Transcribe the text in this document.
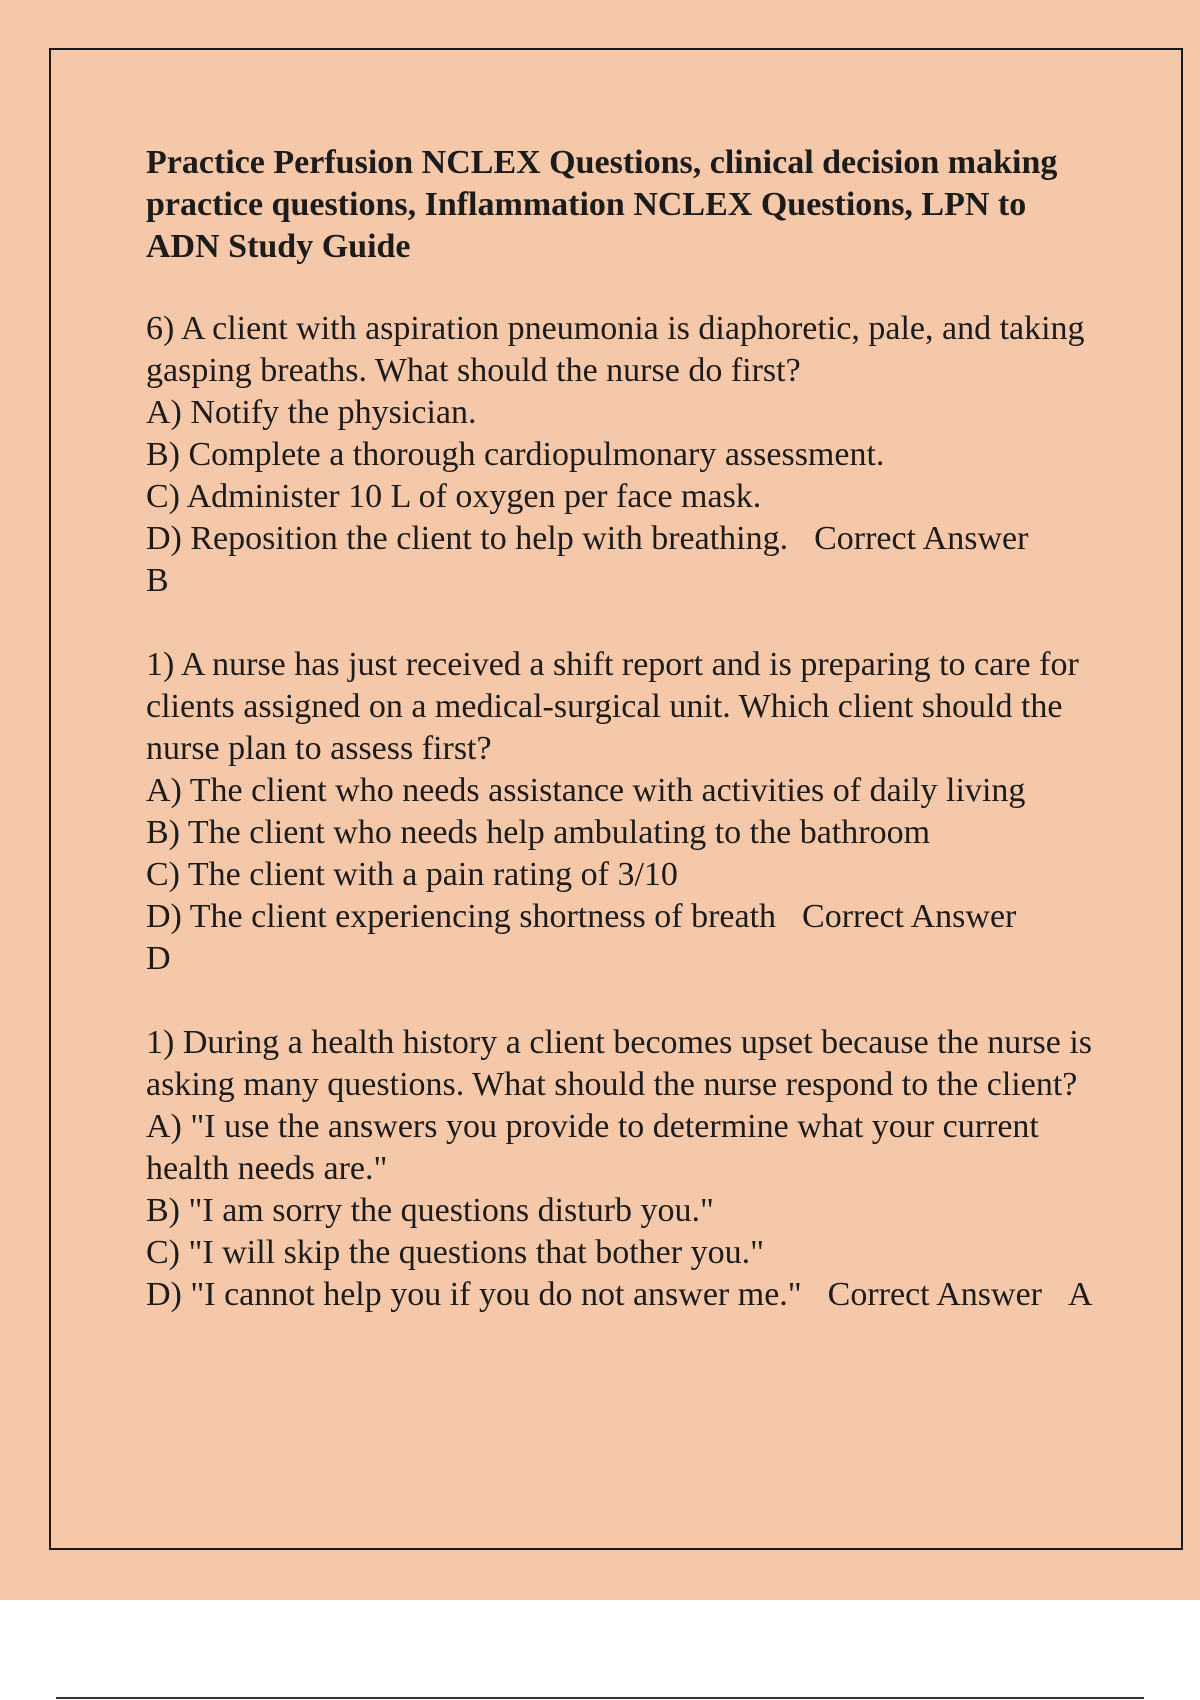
Practice Perfusion NCLEX Questions, clinical decision making practice questions, Inflammation NCLEX Questions, LPN to ADN Study Guide

6) A client with aspiration pneumonia is diaphoretic, pale, and taking gasping breaths. What should the nurse do first?

A) Notify the physician.

B) Complete a thorough cardiopulmonary assessment.

C) Administer 10 L of oxygen per face mask.

D) Reposition the client to help with breathing. Correct Answer

B

1) A nurse has just received a shift report and is preparing to care for clients assigned on a medical-surgical unit. Which client should the nurse plan to assess first?

A) The client who needs assistance with activities of daily living

B) The client who needs help ambulating to the bathroom

C) The client with a pain rating of 3/10

D) The client experiencing shortness of breath Correct Answer

D

1) During a health history a client becomes upset because the nurse is asking many questions. What should the nurse respond to the client?

A) "I use the answers you provide to determine what your current health needs are."

B) "I am sorry the questions disturb you."

C) "I will skip the questions that bother you."

D) "I cannot help you if you do not answer me." Correct Answer A
